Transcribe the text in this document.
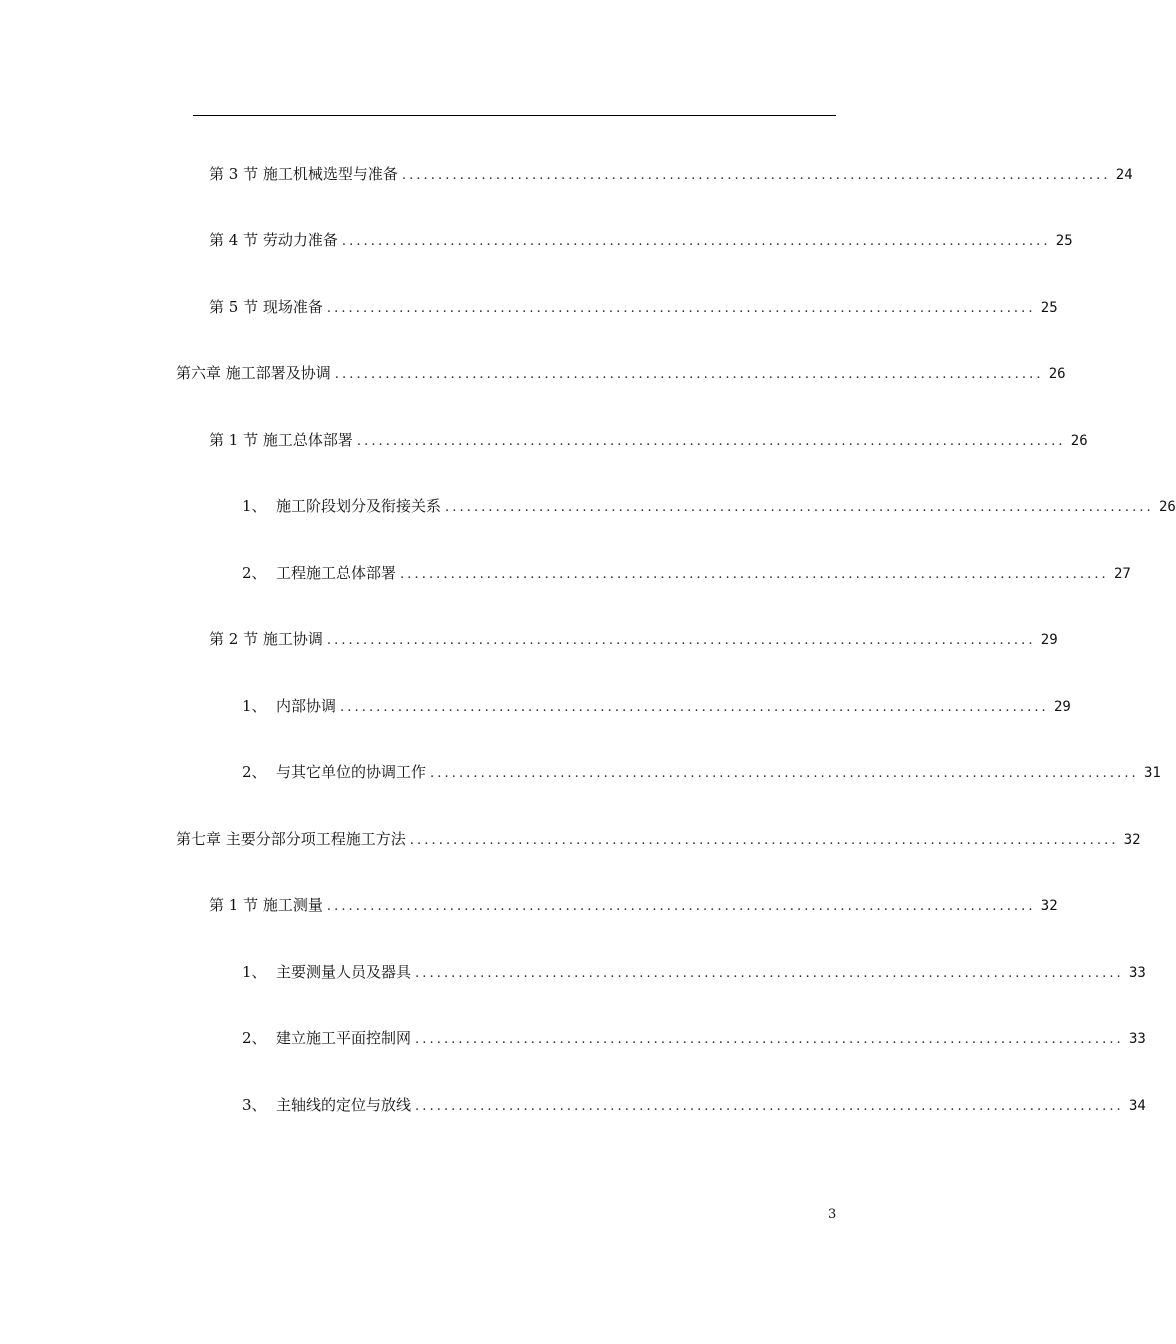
第 3 节 施工机械选型与准备 .................................................................................................. 24
第 4 节 劳动力准备 .................................................................................................. 25
第 5 节 现场准备 .................................................................................................. 25
第六章 施工部署及协调 .................................................................................................. 26
第 1 节 施工总体部署 .................................................................................................. 26
1、 施工阶段划分及衔接关系 .................................................................................................. 26
2、 工程施工总体部署 .................................................................................................. 27
第 2 节 施工协调 .................................................................................................. 29
1、 内部协调 .................................................................................................. 29
2、 与其它单位的协调工作 .................................................................................................. 31
第七章 主要分部分项工程施工方法 .................................................................................................. 32
第 1 节 施工测量 .................................................................................................. 32
1、 主要测量人员及器具 .................................................................................................. 33
2、 建立施工平面控制网 .................................................................................................. 33
3、 主轴线的定位与放线 .................................................................................................. 34
3
